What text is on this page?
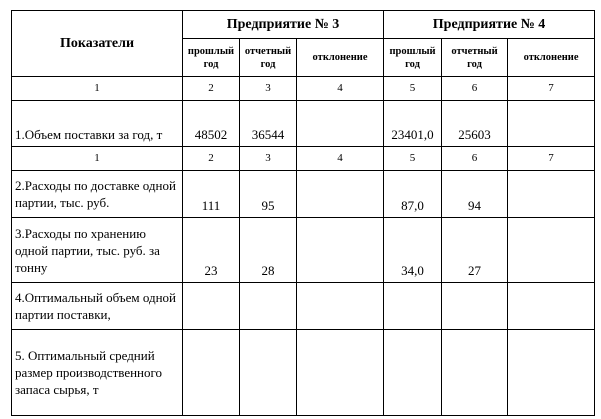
Показатели	Предприятие № 3			Предприятие № 4		
	прошлый год	отчетный год	отклонение	прошлый год	отчетный год	отклонение
1	2	3	4	5	6	7
1.Объем поставки за год, т	48502	36544		23401,0	25603	
1	2	3	4	5	6	7
2.Расходы по доставке одной партии, тыс. руб.	111	95		87,0	94	
3.Расходы по хранению одной партии, тыс. руб. за тонну	23	28		34,0	27	
4.Оптимальный объем одной партии поставки,						
5. Оптимальный средний размер производственного запаса сырья, т						
